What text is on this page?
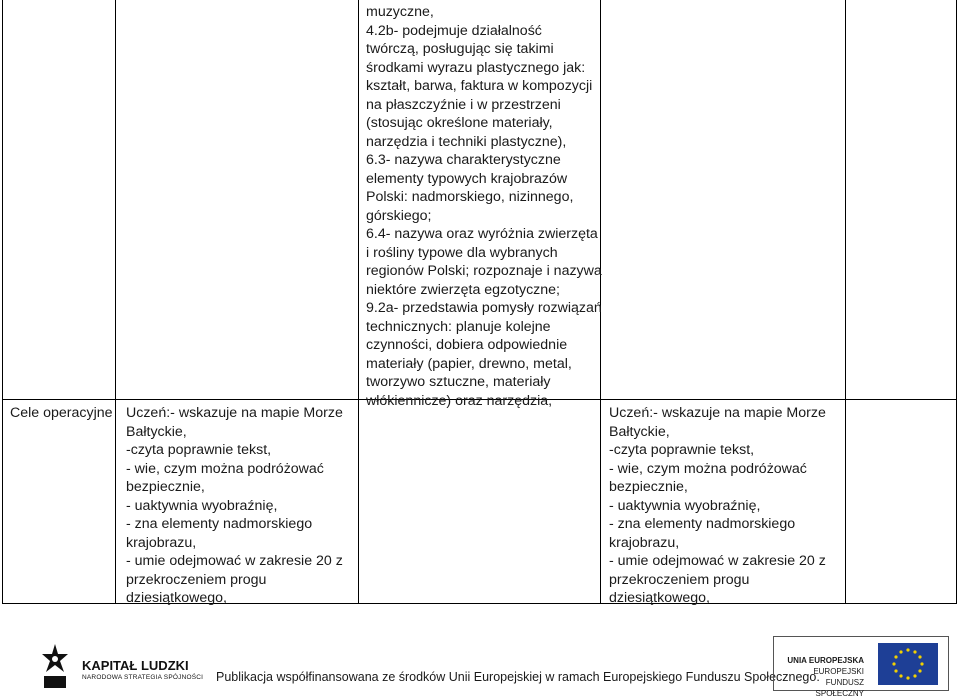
muzyczne,
4.2b- podejmuje działalność
twórczą, posługując się takimi
środkami wyrazu plastycznego jak:
kształt, barwa, faktura w kompozycji
na płaszczyźnie i w przestrzeni
(stosując określone materiały,
narzędzia i techniki plastyczne),
6.3- nazywa charakterystyczne
elementy typowych krajobrazów
Polski: nadmorskiego, nizinnego,
górskiego;
6.4- nazywa oraz wyróżnia zwierzęta
i rośliny typowe dla wybranych
regionów Polski; rozpoznaje i nazywa
niektóre zwierzęta egzotyczne;
9.2a- przedstawia pomysły rozwiązań
technicznych: planuje kolejne
czynności, dobiera odpowiednie
materiały (papier, drewno, metal,
tworzywo sztuczne, materiały
włókiennicze) oraz narzędzia,
Cele operacyjne Uczeń:- wskazuje na mapie Morze
Bałtyckie,
-czyta poprawnie tekst,
- wie, czym można podróżować
bezpiecznie,
- uaktywnia wyobraźnię,
- zna elementy nadmorskiego
krajobrazu,
- umie odejmować w zakresie 20 z
przekroczeniem progu
dziesiątkowego,
Uczeń:- wskazuje na mapie Morze
Bałtyckie,
-czyta poprawnie tekst,
- wie, czym można podróżować
bezpiecznie,
- uaktywnia wyobraźnię,
- zna elementy nadmorskiego
krajobrazu,
- umie odejmować w zakresie 20 z
przekroczeniem progu
dziesiątkowego,
KAPITAŁ LUDZKI
NARODOWA STRATEGIA SPÓJNOŚCI Publikacja współfinansowana ze środków Unii Europejskiej w ramach Europejskiego Funduszu Społecznego.
UNIA EUROPEJSKA
EUROPEJSKI
FUNDUSZ SPOŁECZNY
